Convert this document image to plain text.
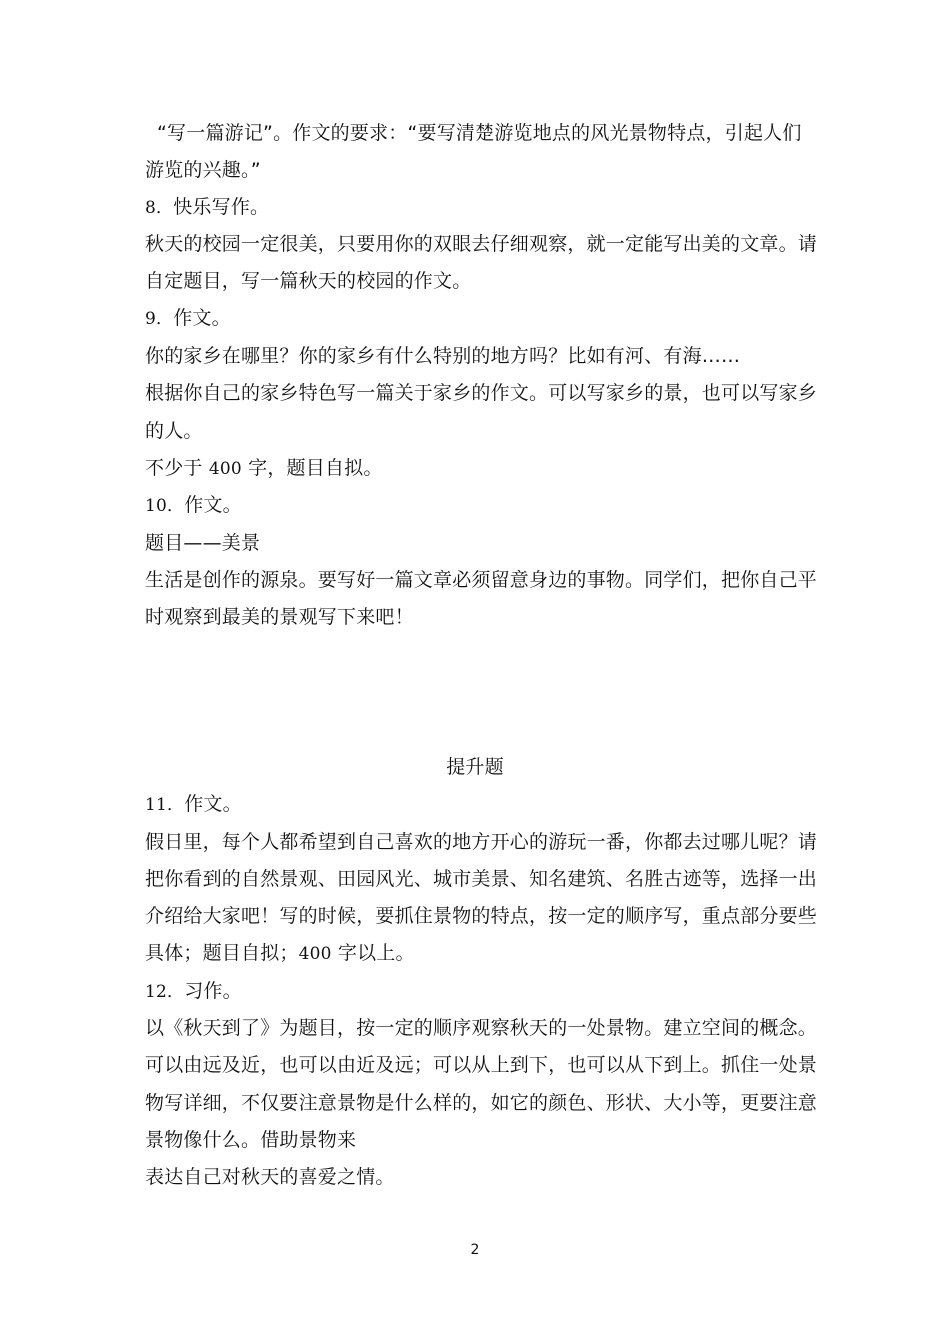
“写一篇游记”。作文的要求：“要写清楚游览地点的风光景物特点，引起人们
游览的兴趣。”
8．快乐写作。
秋天的校园一定很美，只要用你的双眼去仔细观察，就一定能写出美的文章。请
自定题目，写一篇秋天的校园的作文。
9．作文。
你的家乡在哪里？你的家乡有什么特别的地方吗？比如有河、有海……
根据你自己的家乡特色写一篇关于家乡的作文。可以写家乡的景，也可以写家乡
的人。
不少于 400 字，题目自拟。
10．作文。
题目——美景
生活是创作的源泉。要写好一篇文章必须留意身边的事物。同学们，把你自己平
时观察到最美的景观写下来吧！
提升题
11．作文。
假日里，每个人都希望到自己喜欢的地方开心的游玩一番，你都去过哪儿呢？请
把你看到的自然景观、田园风光、城市美景、知名建筑、名胜古迹等，选择一出
介绍给大家吧！写的时候，要抓住景物的特点，按一定的顺序写，重点部分要些
具体；题目自拟；400 字以上。
12．习作。
以《秋天到了》为题目，按一定的顺序观察秋天的一处景物。建立空间的概念。
可以由远及近，也可以由近及远；可以从上到下，也可以从下到上。抓住一处景
物写详细，不仅要注意景物是什么样的，如它的颜色、形状、大小等，更要注意
景物像什么。借助景物来
表达自己对秋天的喜爱之情。
2
